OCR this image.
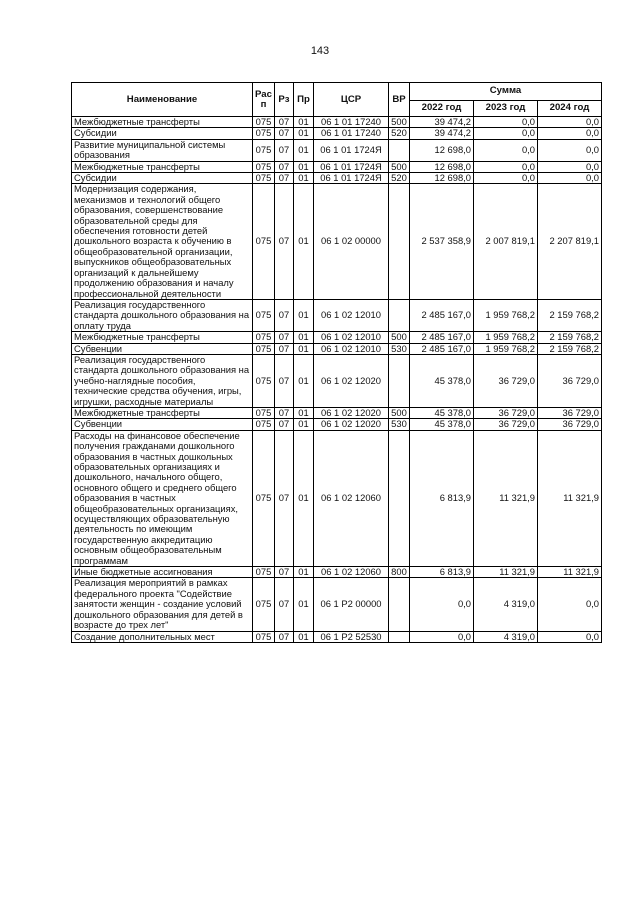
143
Наименование	Рас п	Рз	Пр	ЦСР	ВР	Сумма		
						2022 год	2023 год	2024 год
Межбюджетные трансферты	075	07	01	06 1 01 17240	500	39 474,2	0,0	0,0
Субсидии	075	07	01	06 1 01 17240	520	39 474,2	0,0	0,0
Развитие муниципальной системы образования	075	07	01	06 1 01 1724Я		12 698,0	0,0	0,0
Межбюджетные трансферты	075	07	01	06 1 01 1724Я	500	12 698,0	0,0	0,0
Субсидии	075	07	01	06 1 01 1724Я	520	12 698,0	0,0	0,0
Модернизация содержания, механизмов и технологий общего образования, совершенствование образовательной среды для обеспечения готовности детей дошкольного возраста к обучению в общеобразовательной организации, выпускников общеобразовательных организаций к дальнейшему продолжению образования и началу профессиональной деятельности	075	07	01	06 1 02 00000		2 537 358,9	2 007 819,1	2 207 819,1
Реализация государственного стандарта дошкольного образования на оплату труда	075	07	01	06 1 02 12010		2 485 167,0	1 959 768,2	2 159 768,2
Межбюджетные трансферты	075	07	01	06 1 02 12010	500	2 485 167,0	1 959 768,2	2 159 768,2
Субвенции	075	07	01	06 1 02 12010	530	2 485 167,0	1 959 768,2	2 159 768,2
Реализация государственного стандарта дошкольного образования на учебно-наглядные пособия, технические средства обучения, игры, игрушки, расходные материалы	075	07	01	06 1 02 12020		45 378,0	36 729,0	36 729,0
Межбюджетные трансферты	075	07	01	06 1 02 12020	500	45 378,0	36 729,0	36 729,0
Субвенции	075	07	01	06 1 02 12020	530	45 378,0	36 729,0	36 729,0
Расходы на финансовое обеспечение получения гражданами дошкольного образования в частных дошкольных образовательных организациях и дошкольного, начального общего, основного общего и среднего общего образования в частных общеобразовательных организациях, осуществляющих образовательную деятельность по имеющим государственную аккредитацию основным общеобразовательным программам	075	07	01	06 1 02 12060		6 813,9	11 321,9	11 321,9
Иные бюджетные ассигнования	075	07	01	06 1 02 12060	800	6 813,9	11 321,9	11 321,9
Реализация мероприятий в рамках федерального проекта "Содействие занятости женщин - создание условий дошкольного образования для детей в возрасте до трех лет"	075	07	01	06 1 P2 00000		0,0	4 319,0	0,0
Создание дополнительных мест	075	07	01	06 1 P2 52530		0,0	4 319,0	0,0
